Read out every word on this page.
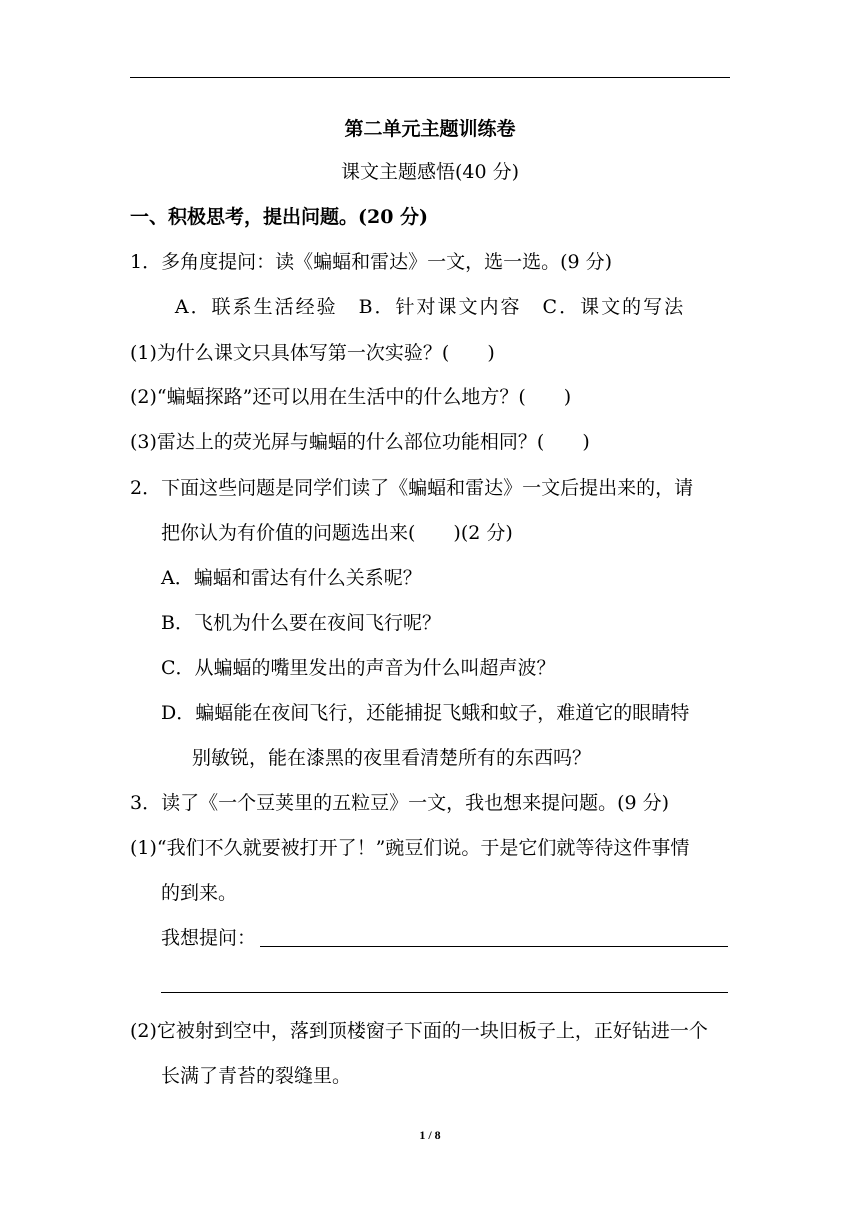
第二单元主题训练卷
课文主题感悟(40 分)
一、积极思考，提出问题。(20 分)
1．多角度提问：读《蝙蝠和雷达》一文，选一选。(9 分)
A．联系生活经验　B．针对课文内容　C．课文的写法
(1)为什么课文只具体写第一次实验？(　　)
(2)“蝙蝠探路”还可以用在生活中的什么地方？(　　)
(3)雷达上的荧光屏与蝙蝠的什么部位功能相同？(　　)
2．下面这些问题是同学们读了《蝙蝠和雷达》一文后提出来的，请
把你认为有价值的问题选出来(　　)(2 分)
A．蝙蝠和雷达有什么关系呢？
B．飞机为什么要在夜间飞行呢？
C．从蝙蝠的嘴里发出的声音为什么叫超声波？
D．蝙蝠能在夜间飞行，还能捕捉飞蛾和蚊子，难道它的眼睛特
别敏锐，能在漆黑的夜里看清楚所有的东西吗？
3．读了《一个豆荚里的五粒豆》一文，我也想来提问题。(9 分)
(1)“我们不久就要被打开了！”豌豆们说。于是它们就等待这件事情
的到来。
我想提问：
(2)它被射到空中，落到顶楼窗子下面的一块旧板子上，正好钻进一个
长满了青苔的裂缝里。
1 / 8
